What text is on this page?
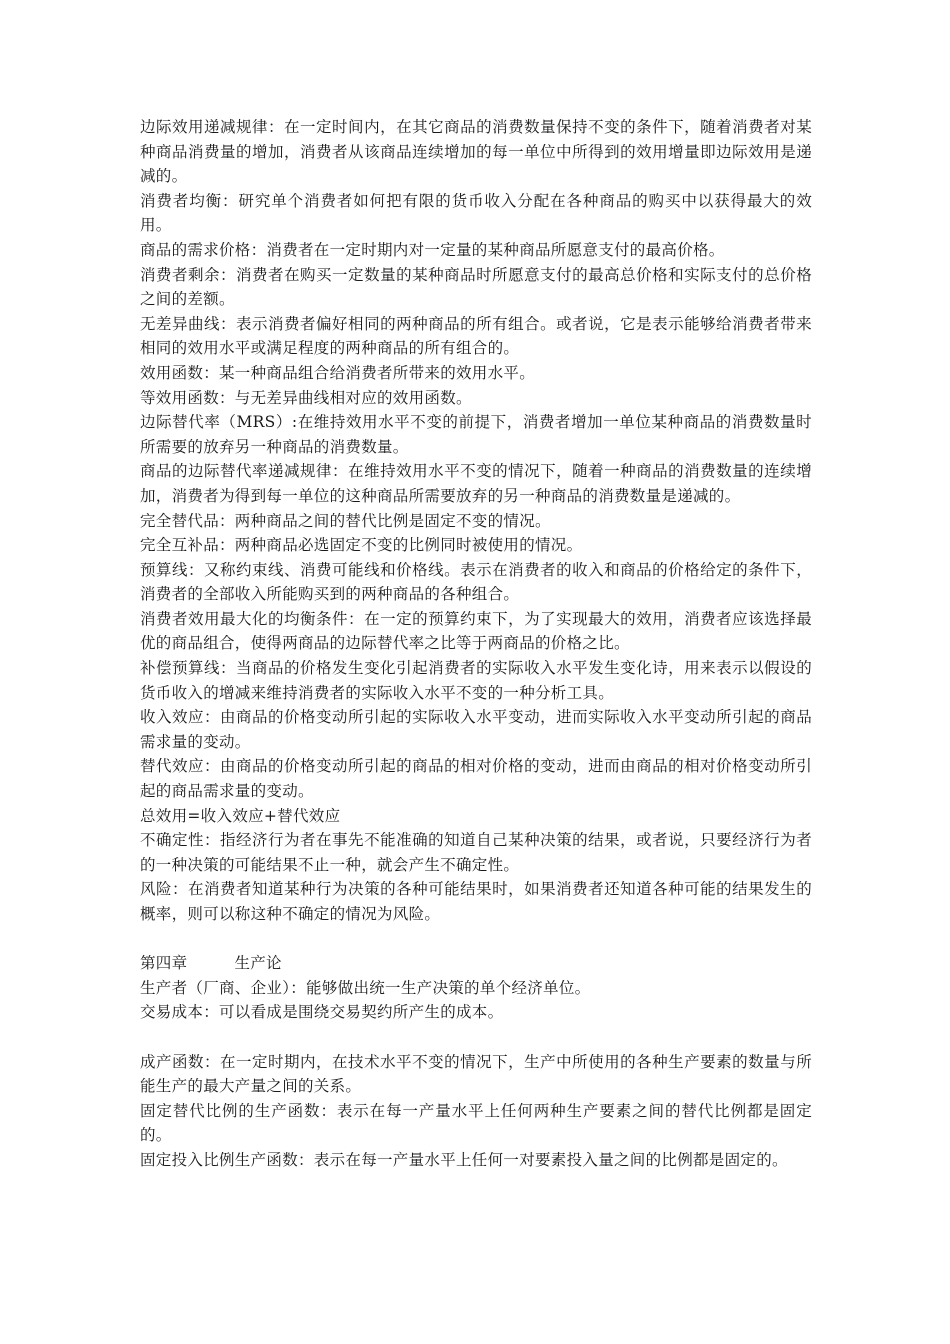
边际效用递减规律：在一定时间内，在其它商品的消费数量保持不变的条件下，随着消费者对某种商品消费量的增加，消费者从该商品连续增加的每一单位中所得到的效用增量即边际效用是递减的。

消费者均衡：研究单个消费者如何把有限的货币收入分配在各种商品的购买中以获得最大的效用。

商品的需求价格：消费者在一定时期内对一定量的某种商品所愿意支付的最高价格。

消费者剩余：消费者在购买一定数量的某种商品时所愿意支付的最高总价格和实际支付的总价格之间的差额。

无差异曲线：表示消费者偏好相同的两种商品的所有组合。或者说，它是表示能够给消费者带来相同的效用水平或满足程度的两种商品的所有组合的。

效用函数：某一种商品组合给消费者所带来的效用水平。

等效用函数：与无差异曲线相对应的效用函数。

边际替代率（MRS）:在维持效用水平不变的前提下，消费者增加一单位某种商品的消费数量时所需要的放弃另一种商品的消费数量。

商品的边际替代率递减规律：在维持效用水平不变的情况下，随着一种商品的消费数量的连续增加，消费者为得到每一单位的这种商品所需要放弃的另一种商品的消费数量是递减的。

完全替代品：两种商品之间的替代比例是固定不变的情况。

完全互补品：两种商品必选固定不变的比例同时被使用的情况。

预算线：又称约束线、消费可能线和价格线。表示在消费者的收入和商品的价格给定的条件下，消费者的全部收入所能购买到的两种商品的各种组合。

消费者效用最大化的均衡条件：在一定的预算约束下，为了实现最大的效用，消费者应该选择最优的商品组合，使得两商品的边际替代率之比等于两商品的价格之比。

补偿预算线：当商品的价格发生变化引起消费者的实际收入水平发生变化诗，用来表示以假设的货币收入的增减来维持消费者的实际收入水平不变的一种分析工具。

收入效应：由商品的价格变动所引起的实际收入水平变动，进而实际收入水平变动所引起的商品需求量的变动。

替代效应：由商品的价格变动所引起的商品的相对价格的变动，进而由商品的相对价格变动所引起的商品需求量的变动。

总效用=收入效应+替代效应

不确定性：指经济行为者在事先不能准确的知道自己某种决策的结果，或者说，只要经济行为者的一种决策的可能结果不止一种，就会产生不确定性。

风险：在消费者知道某种行为决策的各种可能结果时，如果消费者还知道各种可能的结果发生的概率，则可以称这种不确定的情况为风险。

第四章	生产论

生产者（厂商、企业）：能够做出统一生产决策的单个经济单位。

交易成本：可以看成是围绕交易契约所产生的成本。

成产函数：在一定时期内，在技术水平不变的情况下，生产中所使用的各种生产要素的数量与所能生产的最大产量之间的关系。

固定替代比例的生产函数：表示在每一产量水平上任何两种生产要素之间的替代比例都是固定的。

固定投入比例生产函数：表示在每一产量水平上任何一对要素投入量之间的比例都是固定的。
